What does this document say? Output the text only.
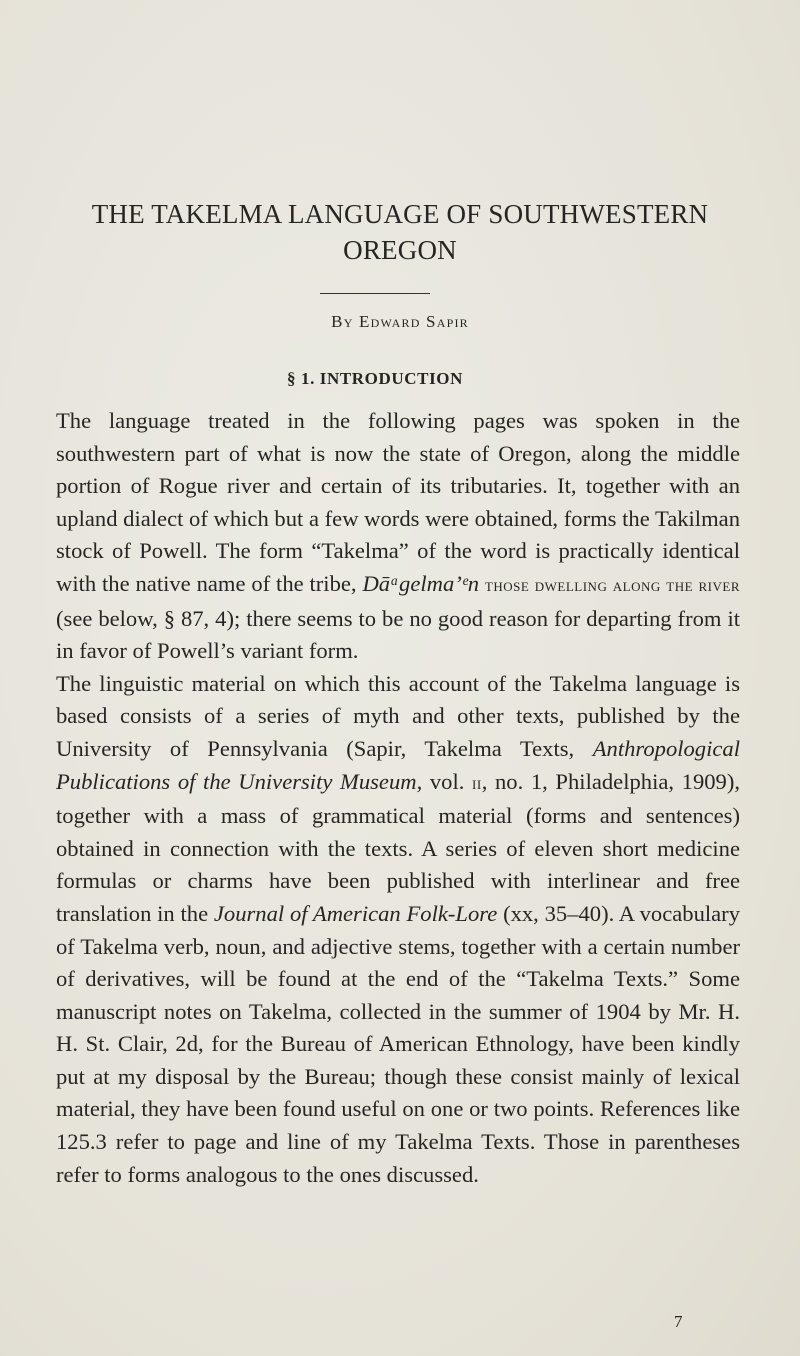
THE TAKELMA LANGUAGE OF SOUTHWESTERN
OREGON
By Edward Sapir
§ 1. INTRODUCTION

The language treated in the following pages was spoken in the southwestern part of what is now the state of Oregon, along the middle portion of Rogue river and certain of its tributaries. It, together with an upland dialect of which but a few words were obtained, forms the Takilman stock of Powell. The form “Takelma” of the word is practically identical with the native name of the tribe, Dāᵃgelma’ᵉn those dwelling along the river (see below, § 87, 4); there seems to be no good reason for departing from it in favor of Powell’s variant form.

The linguistic material on which this account of the Takelma language is based consists of a series of myth and other texts, published by the University of Pennsylvania (Sapir, Takelma Texts, Anthropological Publications of the University Museum, vol. ii, no. 1, Philadelphia, 1909), together with a mass of grammatical material (forms and sentences) obtained in connection with the texts. A series of eleven short medicine formulas or charms have been published with interlinear and free translation in the Journal of American Folk-Lore (xx, 35–40). A vocabulary of Takelma verb, noun, and adjective stems, together with a certain number of derivatives, will be found at the end of the “Takelma Texts.” Some manuscript notes on Takelma, collected in the summer of 1904 by Mr. H. H. St. Clair, 2d, for the Bureau of American Ethnology, have been kindly put at my disposal by the Bureau; though these consist mainly of lexical material, they have been found useful on one or two points. References like 125.3 refer to page and line of my Takelma Texts. Those in parentheses refer to forms analogous to the ones discussed.

7
